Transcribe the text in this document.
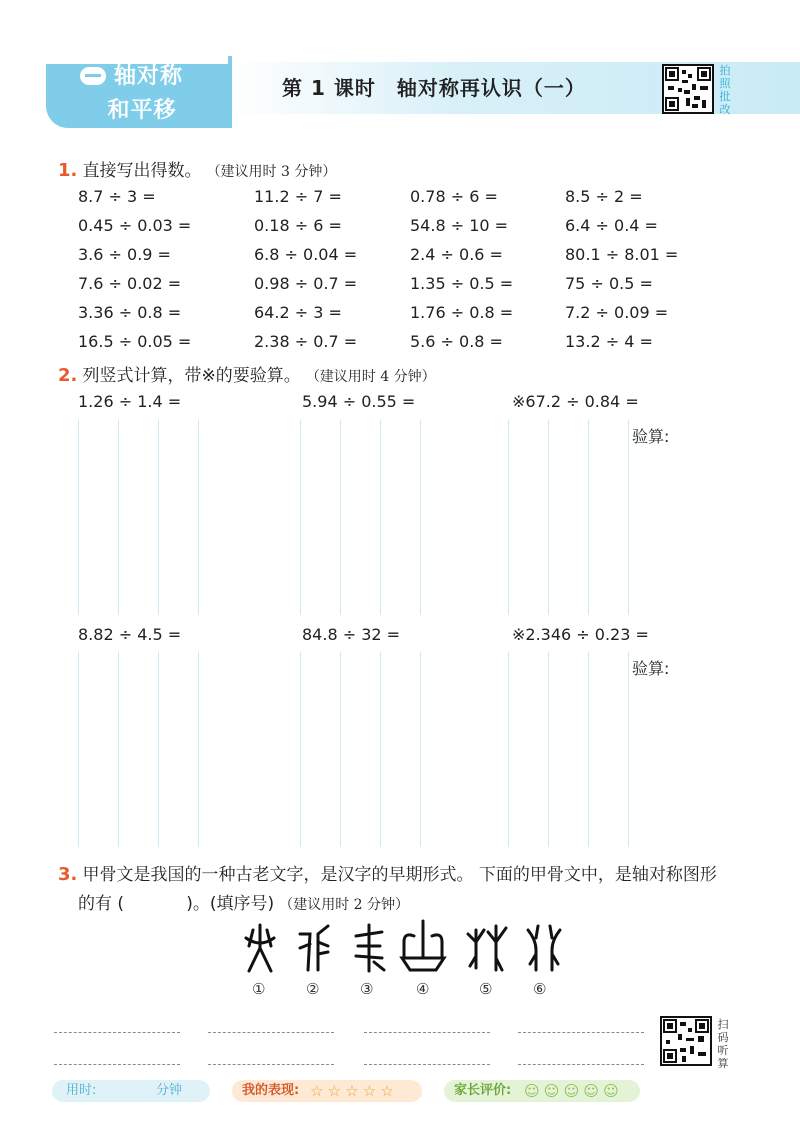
轴对称
和平移
第 1 课时　轴对称再认识（一）
拍
照
批
改
1. 直接写出得数。 （建议用时 3 分钟）
8.7 ÷ 3 =	11.2 ÷ 7 =	0.78 ÷ 6 =	8.5 ÷ 2 =
0.45 ÷ 0.03 =	0.18 ÷ 6 =	54.8 ÷ 10 =	6.4 ÷ 0.4 =
3.6 ÷ 0.9 =	6.8 ÷ 0.04 =	2.4 ÷ 0.6 =	80.1 ÷ 8.01 =
7.6 ÷ 0.02 =	0.98 ÷ 0.7 =	1.35 ÷ 0.5 =	75 ÷ 0.5 =
3.36 ÷ 0.8 =	64.2 ÷ 3 =	1.76 ÷ 0.8 =	7.2 ÷ 0.09 =
16.5 ÷ 0.05 =	2.38 ÷ 0.7 =	5.6 ÷ 0.8 =	13.2 ÷ 4 =
2. 列竖式计算，带※的要验算。 （建议用时 4 分钟）
1.26 ÷ 1.4 =	5.94 ÷ 0.55 =	※67.2 ÷ 0.84 =
验算:
8.82 ÷ 4.5 =	84.8 ÷ 32 =	※2.346 ÷ 0.23 =
验算:
3. 甲骨文是我国的一种古老文字，是汉字的早期形式。 下面的甲骨文中，是轴对称图形
的有 (	)。(填序号) （建议用时 2 分钟）
①	②	③	④	⑤	⑥
扫
码
听
算
用时:	分钟	我的表现: ☆ ☆ ☆ ☆ ☆	家长评价: ☺ ☺ ☺ ☺ ☺
